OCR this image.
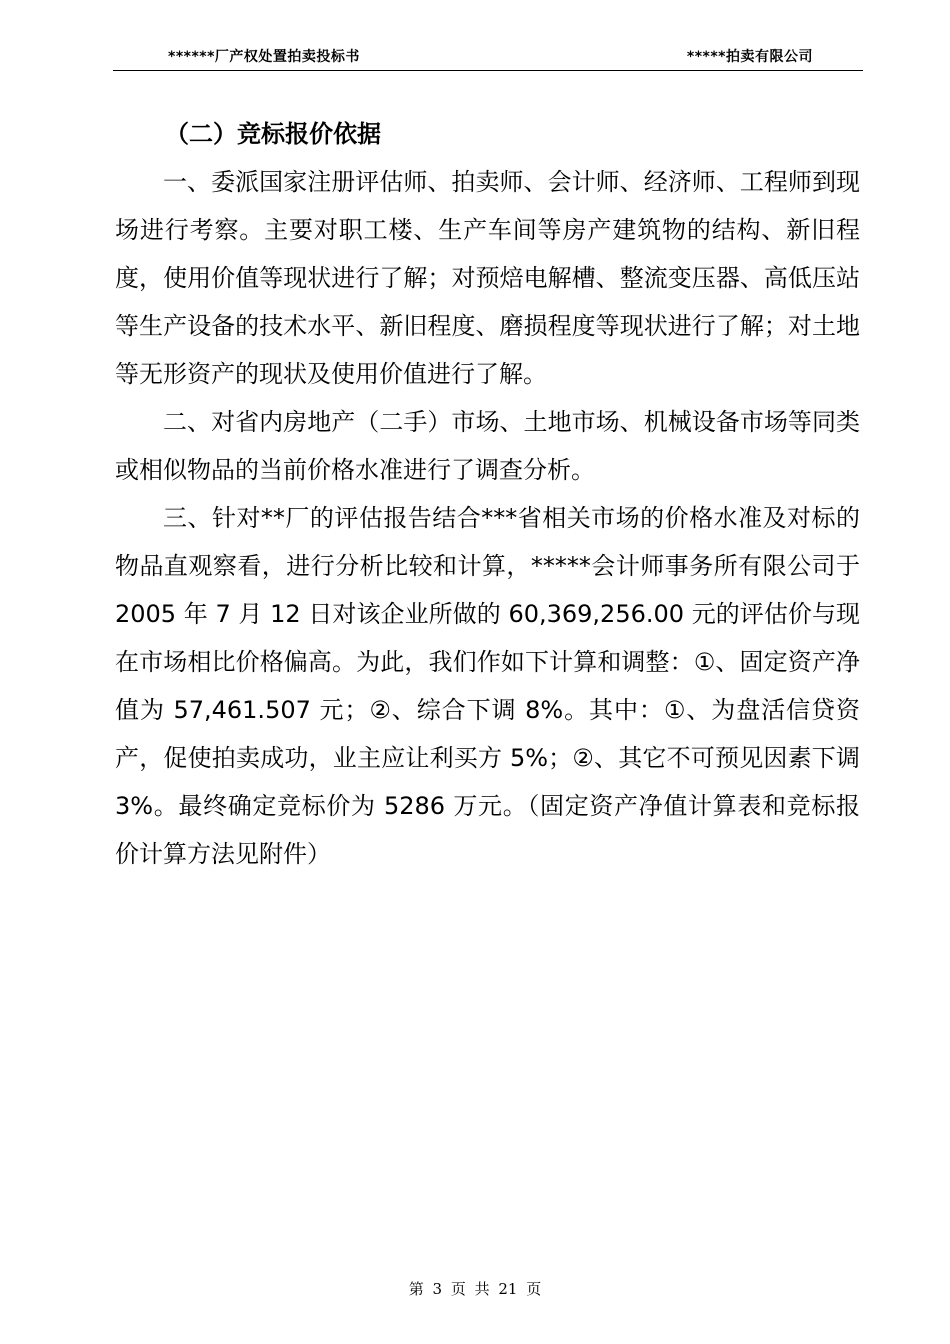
******厂产权处置拍卖投标书	*****拍卖有限公司

（二）竞标报价依据

一、委派国家注册评估师、拍卖师、会计师、经济师、工程师到现场进行考察。主要对职工楼、生产车间等房产建筑物的结构、新旧程度，使用价值等现状进行了解；对预焙电解槽、整流变压器、高低压站等生产设备的技术水平、新旧程度、磨损程度等现状进行了解；对土地等无形资产的现状及使用价值进行了解。

二、对省内房地产（二手）市场、土地市场、机械设备市场等同类或相似物品的当前价格水准进行了调查分析。

三、针对**厂的评估报告结合***省相关市场的价格水准及对标的物品直观察看，进行分析比较和计算，*****会计师事务所有限公司于 2005 年 7 月 12 日对该企业所做的 60,369,256.00 元的评估价与现在市场相比价格偏高。为此，我们作如下计算和调整：①、固定资产净值为 57,461.507 元；②、综合下调 8%。其中：①、为盘活信贷资产，促使拍卖成功，业主应让利买方 5%；②、其它不可预见因素下调 3%。最终确定竞标价为 5286 万元。（固定资产净值计算表和竞标报价计算方法见附件）

第 3 页 共 21 页
